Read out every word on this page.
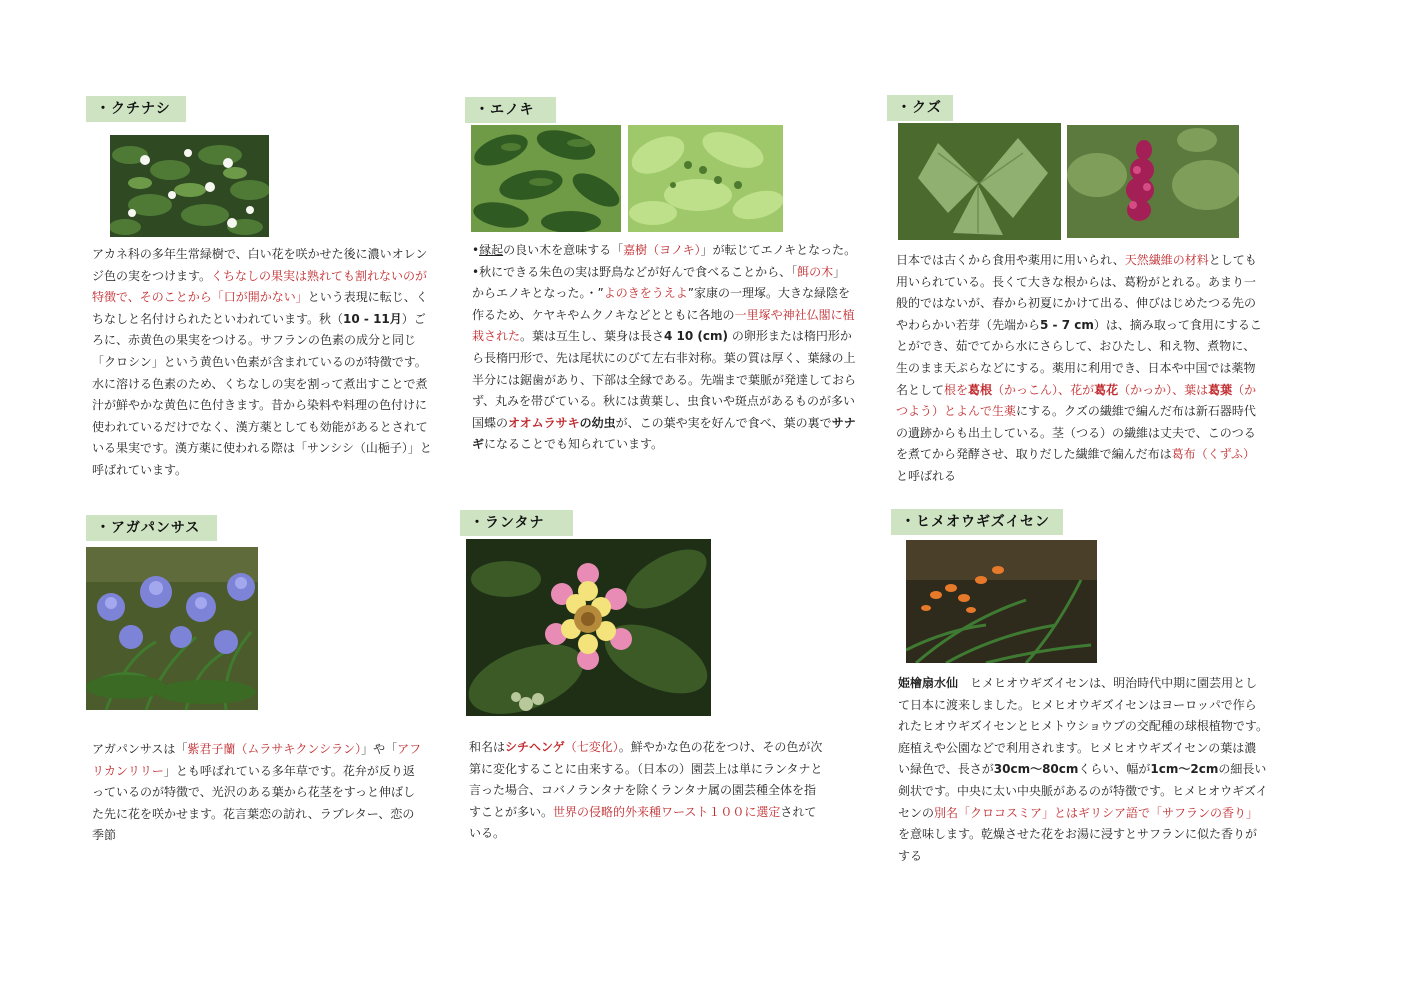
・クチナシ

アカネ科の多年生常緑樹で、白い花を咲かせた後に濃いオレンジ色の実をつけます。くちなしの果実は熟れても割れないのが特徴で、そのことから「口が開かない」という表現に転じ、くちなしと名付けられたといわれています。秋（10 - 11月）ごろに、赤黄色の果実をつける。サフランの色素の成分と同じ「クロシン」という黄色い色素が含まれているのが特徴です。水に溶ける色素のため、くちなしの実を割って煮出すことで煮汁が鮮やかな黄色に色付きます。昔から染料や料理の色付けに使われているだけでなく、漢方薬としても効能があるとされている果実です。漢方薬に使われる際は「サンシシ（山梔子）」と呼ばれています。

・アガパンサス

アガパンサスは「紫君子蘭（ムラサキクンシラン）」や「アフリカンリリー」とも呼ばれている多年草です。花弁が反り返っているのが特徴で、光沢のある葉から花茎をすっと伸ばした先に花を咲かせます。花言葉恋の訪れ、ラブレター、恋の季節

・エノキ

•縁起の良い木を意味する「嘉樹（ヨノキ）」が転じてエノキとなった。

•秋にできる朱色の実は野鳥などが好んで食べることから、「餌の木」からエノキとなった。・”よのきをうえよ”家康の一理塚。大きな緑陰を作るため、ケヤキやムクノキなどとともに各地の一里塚や神社仏閣に植栽された。葉は互生し、葉身は長さ4 10 (cm) の卵形または楕円形から長楕円形で、先は尾状にのびて左右非対称。葉の質は厚く、葉縁の上半分には鋸歯があり、下部は全縁である。先端まで葉脈が発達しておらず、丸みを帯びている。秋には黄葉し、虫食いや斑点があるものが多い国蝶のオオムラサキの幼虫が、この葉や実を好んで食べ、葉の裏でサナギになることでも知られています。

・ランタナ

和名はシチヘンゲ（七変化）。鮮やかな色の花をつけ、その色が次第に変化することに由来する。（日本の）園芸上は単にランタナと言った場合、コバノランタナを除くランタナ属の園芸種全体を指すことが多い。世界の侵略的外来種ワースト１００に選定されている。

・クズ

日本では古くから食用や薬用に用いられ、天然繊維の材料としても用いられている。長くて大きな根からは、葛粉がとれる。あまり一般的ではないが、春から初夏にかけて出る、伸びはじめたつる先のやわらかい若芽（先端から5 - 7 cm）は、摘み取って食用にすることができ、茹でてから水にさらして、おひたし、和え物、煮物に、生のまま天ぷらなどにする。薬用に利用でき、日本や中国では薬物名として根を葛根（かっこん）、花が葛花（かっか）、葉は葛葉（かつよう）とよんで生薬にする。クズの繊維で編んだ布は新石器時代の遺跡からも出土している。茎（つる）の繊維は丈夫で、このつるを煮てから発酵させ、取りだした繊維で編んだ布は葛布（くずふ）と呼ばれる

・ヒメオウギズイセン

姫檜扇水仙　ヒメヒオウギズイセンは、明治時代中期に園芸用として日本に渡来しました。ヒメヒオウギズイセンはヨーロッパで作られたヒオウギズイセンとヒメトウショウブの交配種の球根植物です。庭植えや公園などで利用されます。ヒメヒオウギズイセンの葉は濃い緑色で、長さが30cm〜80cmくらい、幅が1cm〜2cmの細長い剣状です。中央に太い中央脈があるのが特徴です。ヒメヒオウギズイセンの別名「クロコスミア」とはギリシア語で「サフランの香り」を意味します。乾燥させた花をお湯に浸すとサフランに似た香りがする
